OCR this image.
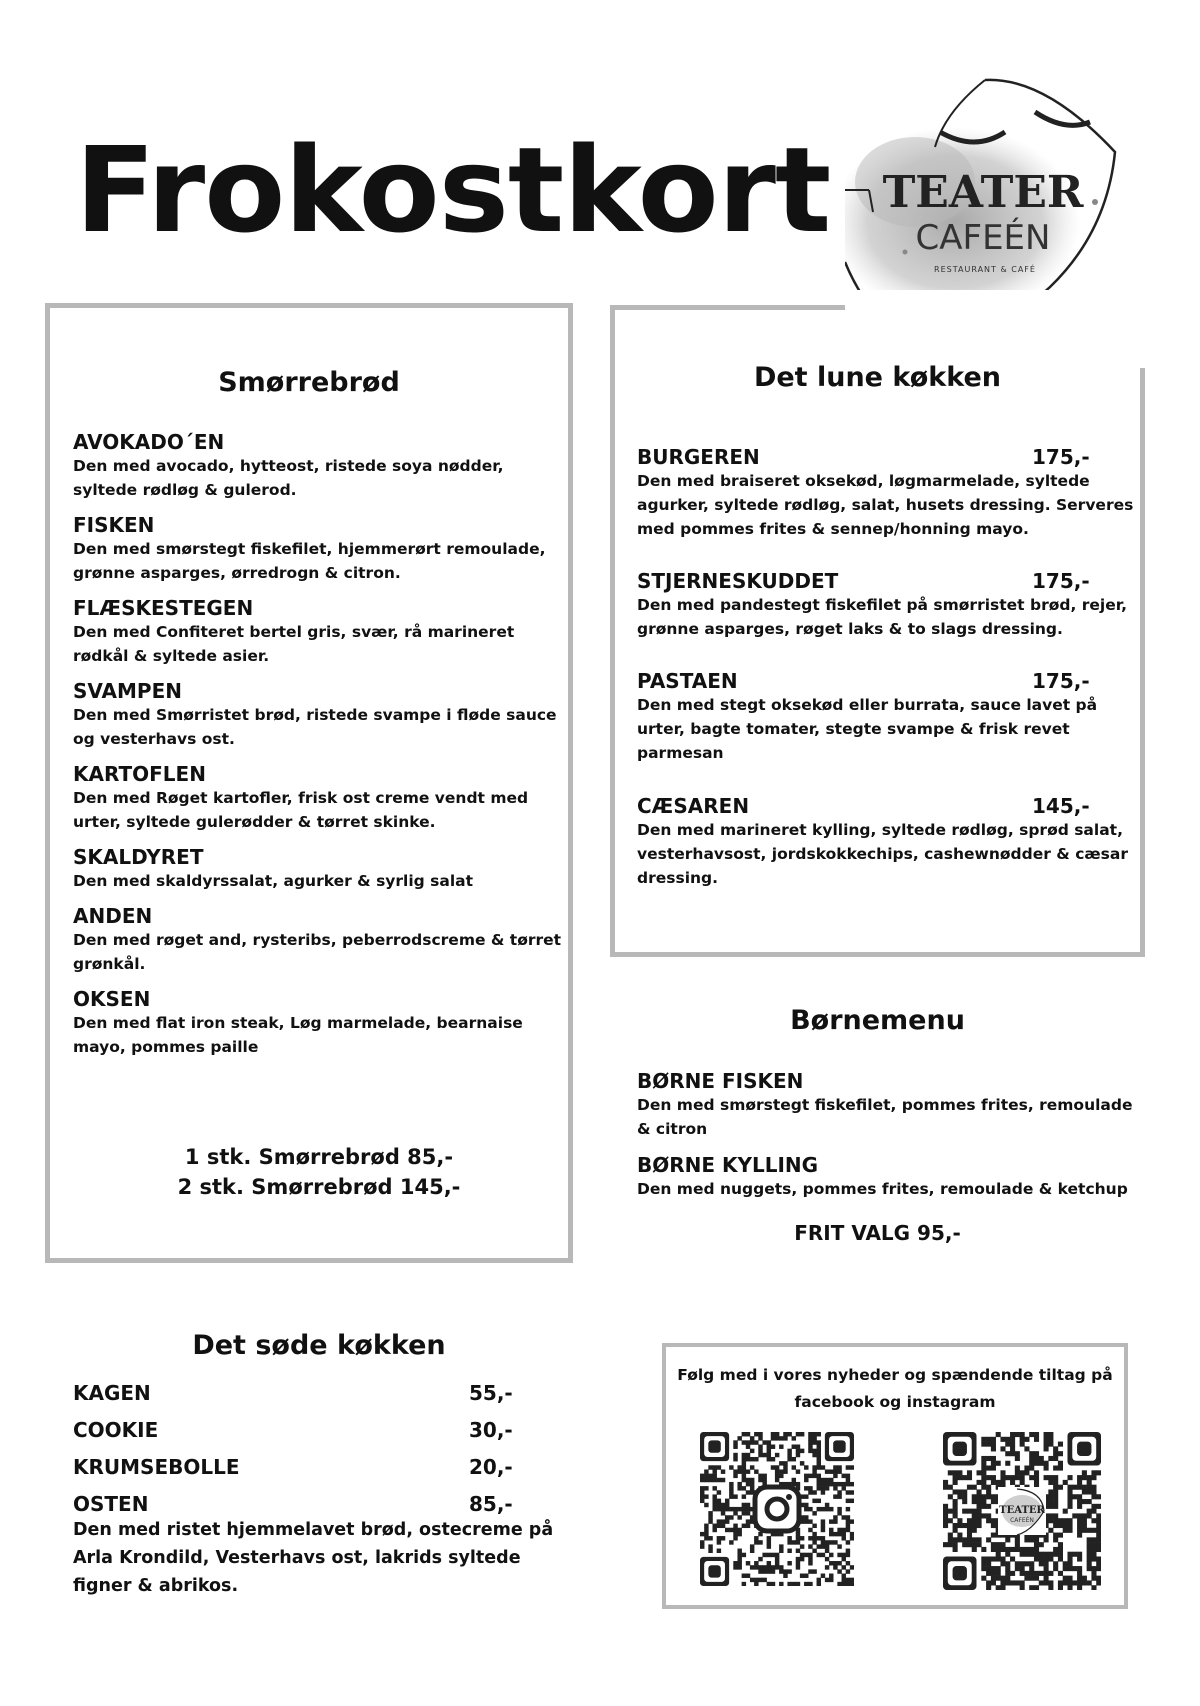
Frokostkort TEATER
CAFEÉN
RESTAURANT & CAFÉ
Smørrebrød
AVOKADO´EN
Den med avocado, hytteost, ristede soya nødder, syltede rødløg & gulerod.
FISKEN
Den med smørstegt fiskefilet, hjemmerørt remoulade, grønne asparges, ørredrogn & citron.
FLÆSKESTEGEN
Den med Confiteret bertel gris, svær, rå marineret rødkål & syltede asier.
SVAMPEN
Den med Smørristet brød, ristede svampe i fløde sauce og vesterhavs ost.
KARTOFLEN
Den med Røget kartofler, frisk ost creme vendt med urter, syltede gulerødder & tørret skinke.
SKALDYRET
Den med skaldyrssalat, agurker & syrlig salat
ANDEN
Den med røget and, rysteribs, peberrodscreme & tørret grønkål.
OKSEN
Den med flat iron steak, Løg marmelade, bearnaise mayo, pommes paille
1 stk. Smørrebrød 85,-
2 stk. Smørrebrød 145,-
Det lune køkken
BURGEREN	175,-
Den med braiseret oksekød, løgmarmelade, syltede agurker, syltede rødløg, salat, husets dressing. Serveres med pommes frites & sennep/honning mayo.
STJERNESKUDDET	175,-
Den med pandestegt fiskefilet på smørristet brød, rejer, grønne asparges, røget laks & to slags dressing.
PASTAEN	175,-
Den med stegt oksekød eller burrata, sauce lavet på urter, bagte tomater, stegte svampe & frisk revet parmesan
CÆSAREN	145,-
Den med marineret kylling, syltede rødløg, sprød salat, vesterhavsost, jordskokkechips, cashewnødder & cæsar dressing.
Børnemenu
BØRNE FISKEN
Den med smørstegt fiskefilet, pommes frites, remoulade & citron
BØRNE KYLLING
Den med nuggets, pommes frites, remoulade & ketchup
FRIT VALG 95,-
Det søde køkken
KAGEN	55,-
COOKIE	30,-
KRUMSEBOLLE	20,-
OSTEN	85,-
Den med ristet hjemmelavet brød, ostecreme på Arla Krondild, Vesterhavs ost, lakrids syltede figner & abrikos.
Følg med i vores nyheder og spændende tiltag på facebook og instagram
TEATER
CAFEÉN
